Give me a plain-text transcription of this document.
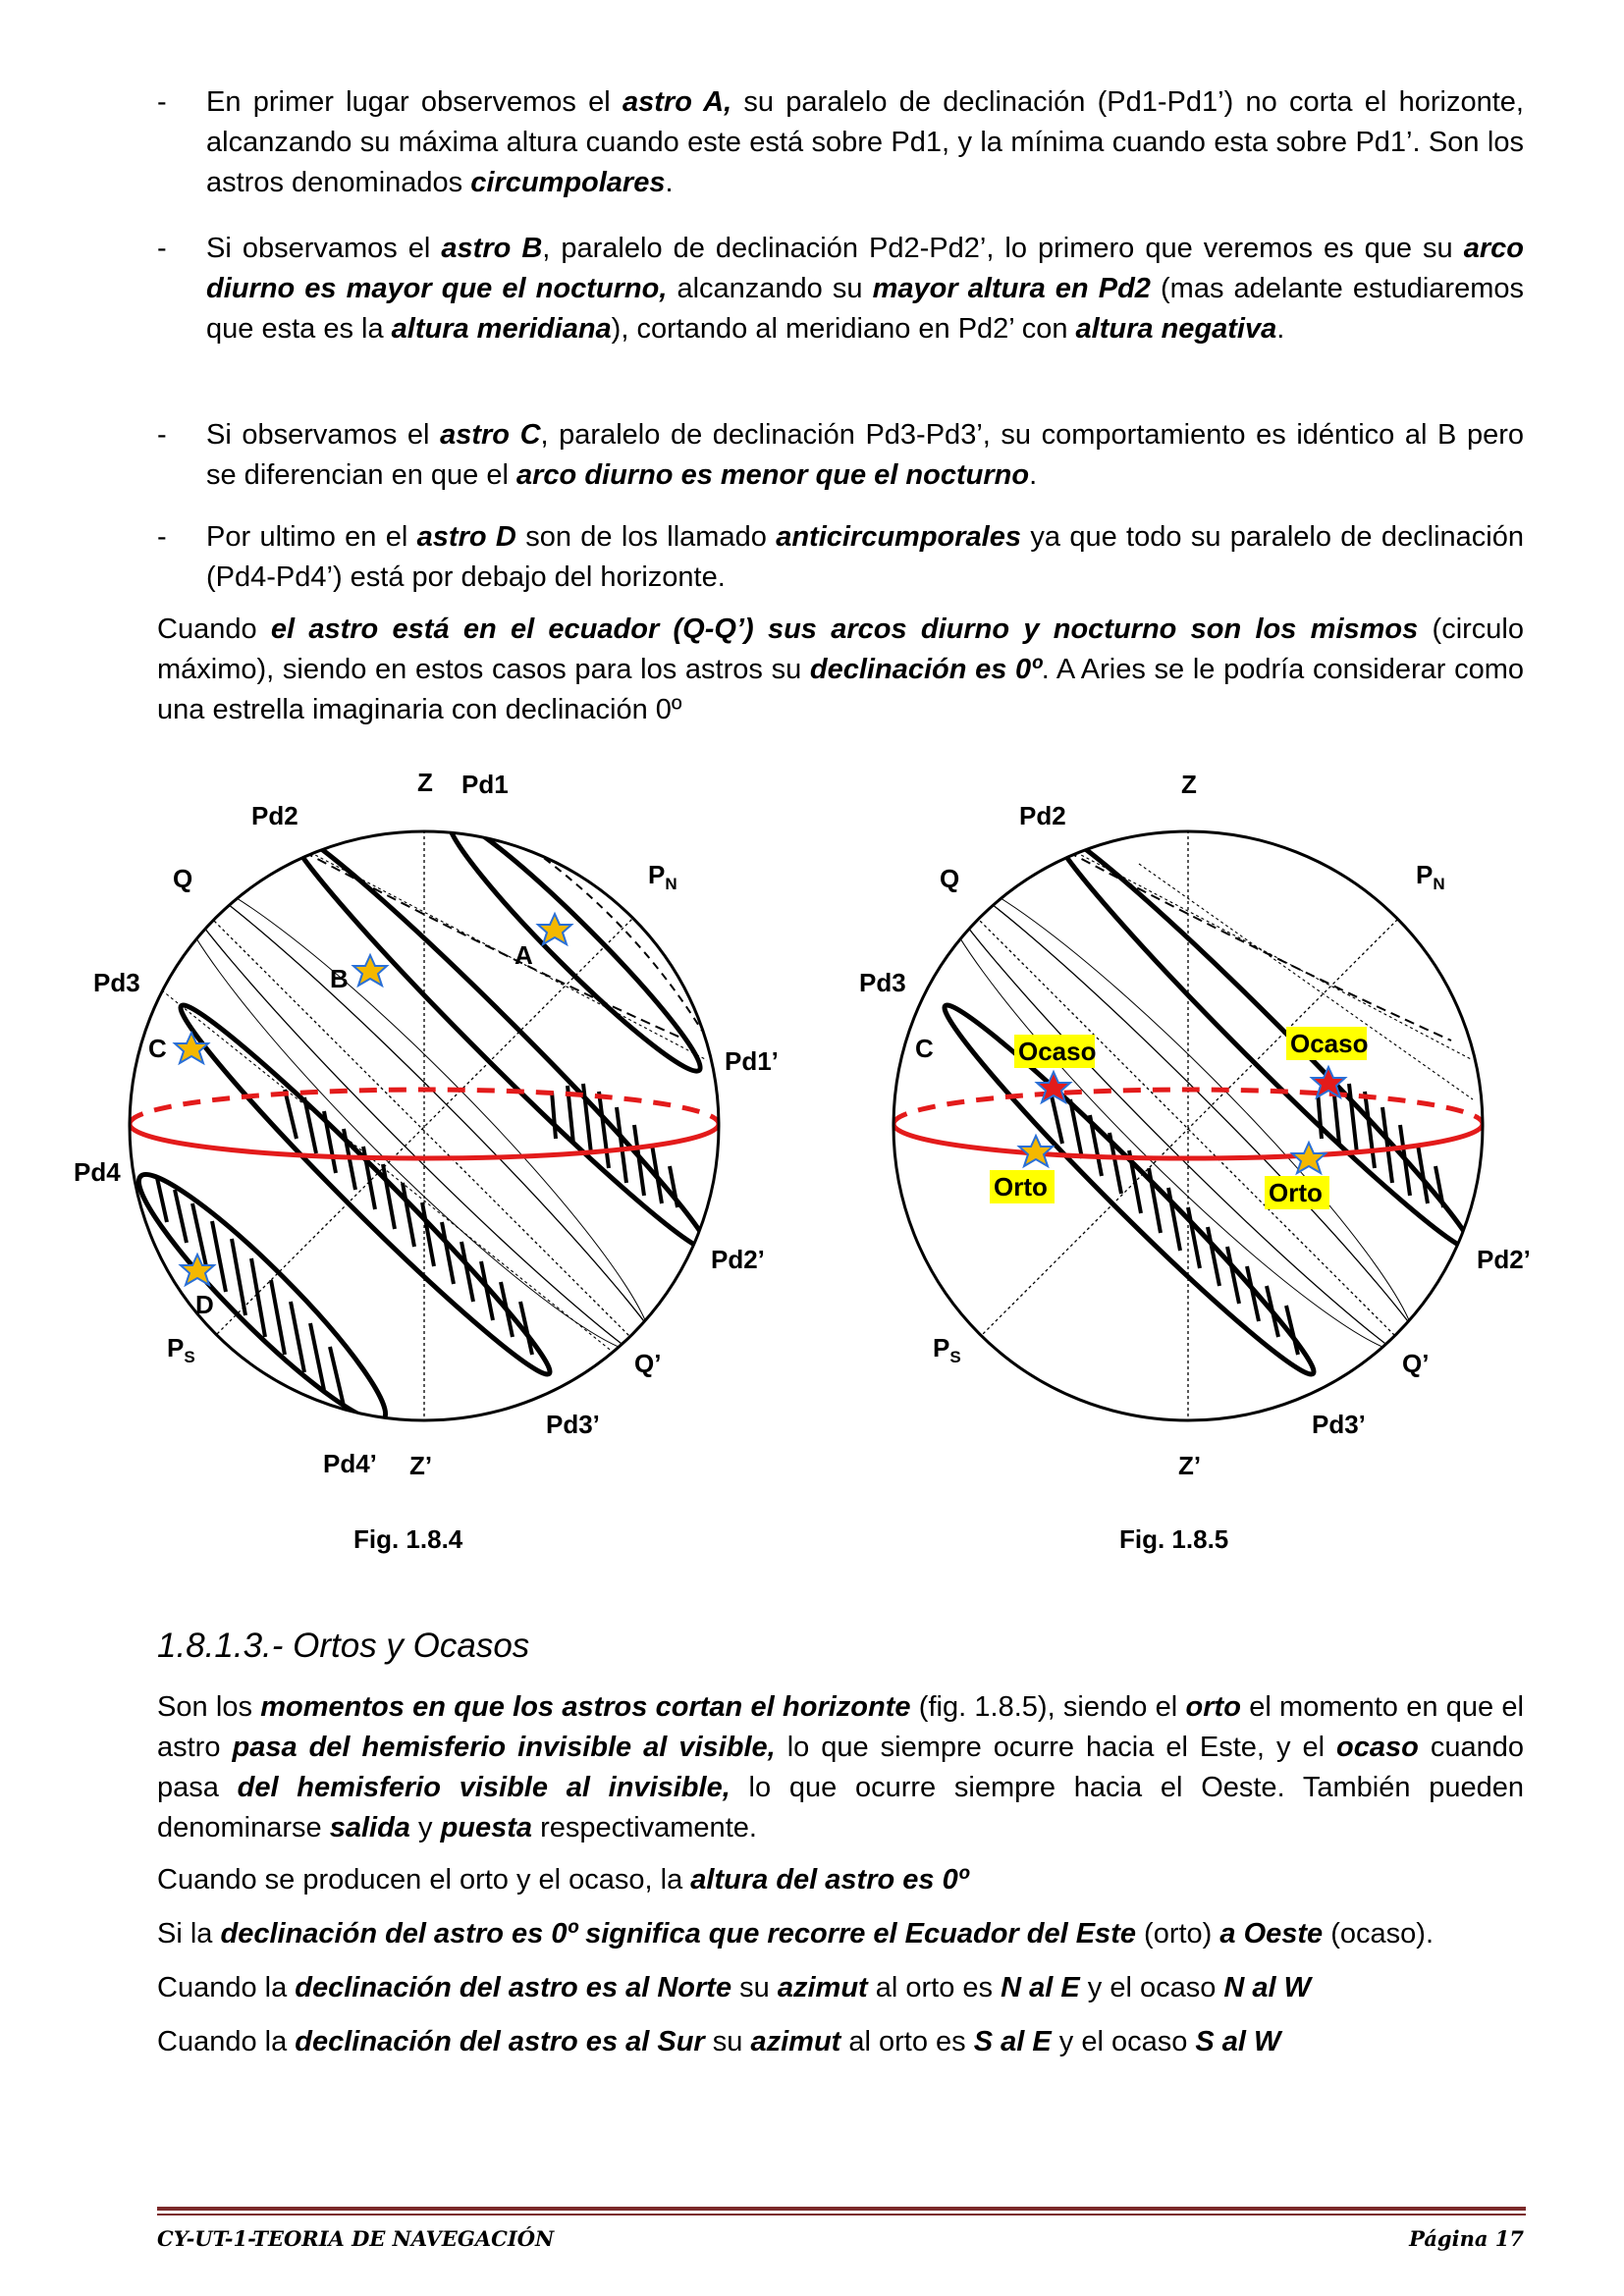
-	En primer lugar observemos el astro A, su paralelo de declinación (Pd1-Pd1’) no corta el horizonte, alcanzando su máxima altura cuando este está sobre Pd1, y la mínima cuando esta sobre Pd1’. Son los astros denominados circumpolares.
-	Si observamos el astro B, paralelo de declinación Pd2-Pd2’, lo primero que veremos es que su arco diurno es mayor que el nocturno, alcanzando su mayor altura en Pd2 (mas adelante estudiaremos que esta es la altura meridiana), cortando al meridiano en Pd2’ con altura negativa.
-	Si observamos el astro C, paralelo de declinación Pd3-Pd3’, su comportamiento es idéntico al B pero se diferencian en que el arco diurno es menor que el nocturno.
-	Por ultimo en el astro D son de los llamado anticircumporales ya que todo su paralelo de declinación (Pd4-Pd4’) está por debajo del horizonte.
Cuando el astro está en el ecuador (Q-Q’) sus arcos diurno y nocturno son los mismos (circulo máximo), siendo en estos casos para los astros su declinación es 0º. A Aries se le podría considerar como una estrella imaginaria con declinación 0º
Z Pd1
Pd2
Q	$P_N$
A
B
Pd3
C	Pd1’
Pd4
Pd2’
D
$P_S$	Q’
Pd3’
Pd4’ Z’
Ocaso	Ocaso
Orto	Orto
Z
Pd2
Q	$P_N$
Pd3
C
Pd2’
$P_S$	Q’
Pd3’
Z’
Fig. 1.8.4	Fig. 1.8.5
1.8.1.3.- Ortos y Ocasos
Son los momentos en que los astros cortan el horizonte (fig. 1.8.5), siendo el orto el momento en que el astro pasa del hemisferio invisible al visible, lo que siempre ocurre hacia el Este, y el ocaso cuando pasa del hemisferio visible al invisible, lo que ocurre siempre hacia el Oeste. También pueden denominarse salida y puesta respectivamente.
Cuando se producen el orto y el ocaso, la altura del astro es 0º
Si la declinación del astro es 0º significa que recorre el Ecuador del Este (orto) a Oeste (ocaso).
Cuando la declinación del astro es al Norte su azimut al orto es N al E y el ocaso N al W
Cuando la declinación del astro es al Sur su azimut al orto es S al E y el ocaso S al W
CY-UT-1-TEORIA DE NAVEGACIÓN	Página 17
